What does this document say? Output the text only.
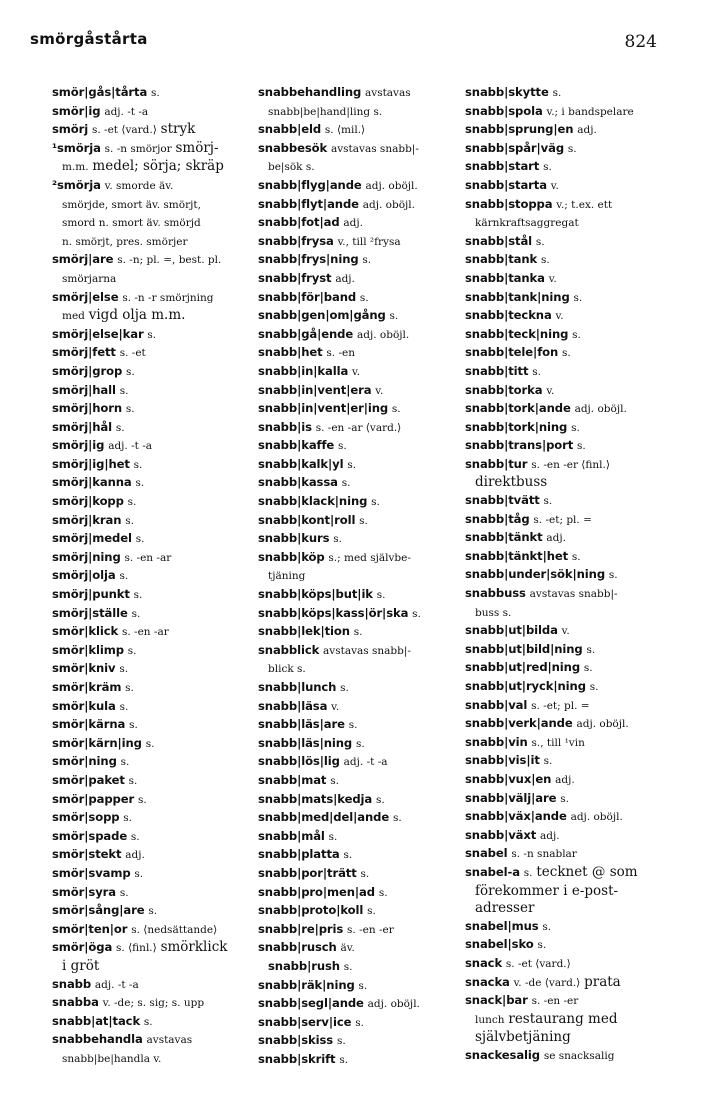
smörgåstårta	824
smör|gås|tårta s.
smör|ig adj. -t -a
smörj s. -et ⟨vard.⟩ stryk
¹smörja s. -n smörjor smörj-
m.m. medel; sörja; skräp
²smörja v. smorde äv.
smörjde, smort äv. smörjt,
smord n. smort äv. smörjd
n. smörjt, pres. smörjer
smörj|are s. -n; pl. =, best. pl.
smörjarna
smörj|else s. -n -r smörjning
med vigd olja m.m.
smörj|else|kar s.
smörj|fett s. -et
smörj|grop s.
smörj|hall s.
smörj|horn s.
smörj|hål s.
smörj|ig adj. -t -a
smörj|ig|het s.
smörj|kanna s.
smörj|kopp s.
smörj|kran s.
smörj|medel s.
smörj|ning s. -en -ar
smörj|olja s.
smörj|punkt s.
smörj|ställe s.
smör|klick s. -en -ar
smör|klimp s.
smör|kniv s.
smör|kräm s.
smör|kula s.
smör|kärna s.
smör|kärn|ing s.
smör|ning s.
smör|paket s.
smör|papper s.
smör|sopp s.
smör|spade s.
smör|stekt adj.
smör|svamp s.
smör|syra s.
smör|sång|are s.
smör|ten|or s. ⟨nedsättande⟩
smör|öga s. ⟨finl.⟩ smörklick
i gröt
snabb adj. -t -a
snabba v. -de; s. sig; s. upp
snabb|at|tack s.
snabbehandla avstavas
snabb|be|handla v.
snabbehandling avstavas
snabb|be|hand|ling s.
snabb|eld s. ⟨mil.⟩
snabbesök avstavas snabb|-
be|sök s.
snabb|flyg|ande adj. oböjl.
snabb|flyt|ande adj. oböjl.
snabb|fot|ad adj.
snabb|frysa v., till ²frysa
snabb|frys|ning s.
snabb|fryst adj.
snabb|för|band s.
snabb|gen|om|gång s.
snabb|gå|ende adj. oböjl.
snabb|het s. -en
snabb|in|kalla v.
snabb|in|vent|era v.
snabb|in|vent|er|ing s.
snabb|is s. -en -ar ⟨vard.⟩
snabb|kaffe s.
snabb|kalk|yl s.
snabb|kassa s.
snabb|klack|ning s.
snabb|kont|roll s.
snabb|kurs s.
snabb|köp s.; med självbe-
tjäning
snabb|köps|but|ik s.
snabb|köps|kass|ör|ska s.
snabb|lek|tion s.
snabblick avstavas snabb|-
blick s.
snabb|lunch s.
snabb|läsa v.
snabb|läs|are s.
snabb|läs|ning s.
snabb|lös|lig adj. -t -a
snabb|mat s.
snabb|mats|kedja s.
snabb|med|del|ande s.
snabb|mål s.
snabb|platta s.
snabb|por|trätt s.
snabb|pro|men|ad s.
snabb|proto|koll s.
snabb|re|pris s. -en -er
snabb|rusch äv.
snabb|rush s.
snabb|räk|ning s.
snabb|segl|ande adj. oböjl.
snabb|serv|ice s.
snabb|skiss s.
snabb|skrift s.
snabb|skytte s.
snabb|spola v.; i bandspelare
snabb|sprung|en adj.
snabb|spår|väg s.
snabb|start s.
snabb|starta v.
snabb|stoppa v.; t.ex. ett
kärnkraftsaggregat
snabb|stål s.
snabb|tank s.
snabb|tanka v.
snabb|tank|ning s.
snabb|teckna v.
snabb|teck|ning s.
snabb|tele|fon s.
snabb|titt s.
snabb|torka v.
snabb|tork|ande adj. oböjl.
snabb|tork|ning s.
snabb|trans|port s.
snabb|tur s. -en -er ⟨finl.⟩
direktbuss
snabb|tvätt s.
snabb|tåg s. -et; pl. =
snabb|tänkt adj.
snabb|tänkt|het s.
snabb|under|sök|ning s.
snabbuss avstavas snabb|-
buss s.
snabb|ut|bilda v.
snabb|ut|bild|ning s.
snabb|ut|red|ning s.
snabb|ut|ryck|ning s.
snabb|val s. -et; pl. =
snabb|verk|ande adj. oböjl.
snabb|vin s., till ¹vin
snabb|vis|it s.
snabb|vux|en adj.
snabb|välj|are s.
snabb|väx|ande adj. oböjl.
snabb|växt adj.
snabel s. -n snablar
snabel-a s. tecknet @ som
förekommer i e-post-
adresser
snabel|mus s.
snabel|sko s.
snack s. -et ⟨vard.⟩
snacka v. -de ⟨vard.⟩ prata
snack|bar s. -en -er
lunch restaurang med
självbetjäning
snackesalig se snacksalig
